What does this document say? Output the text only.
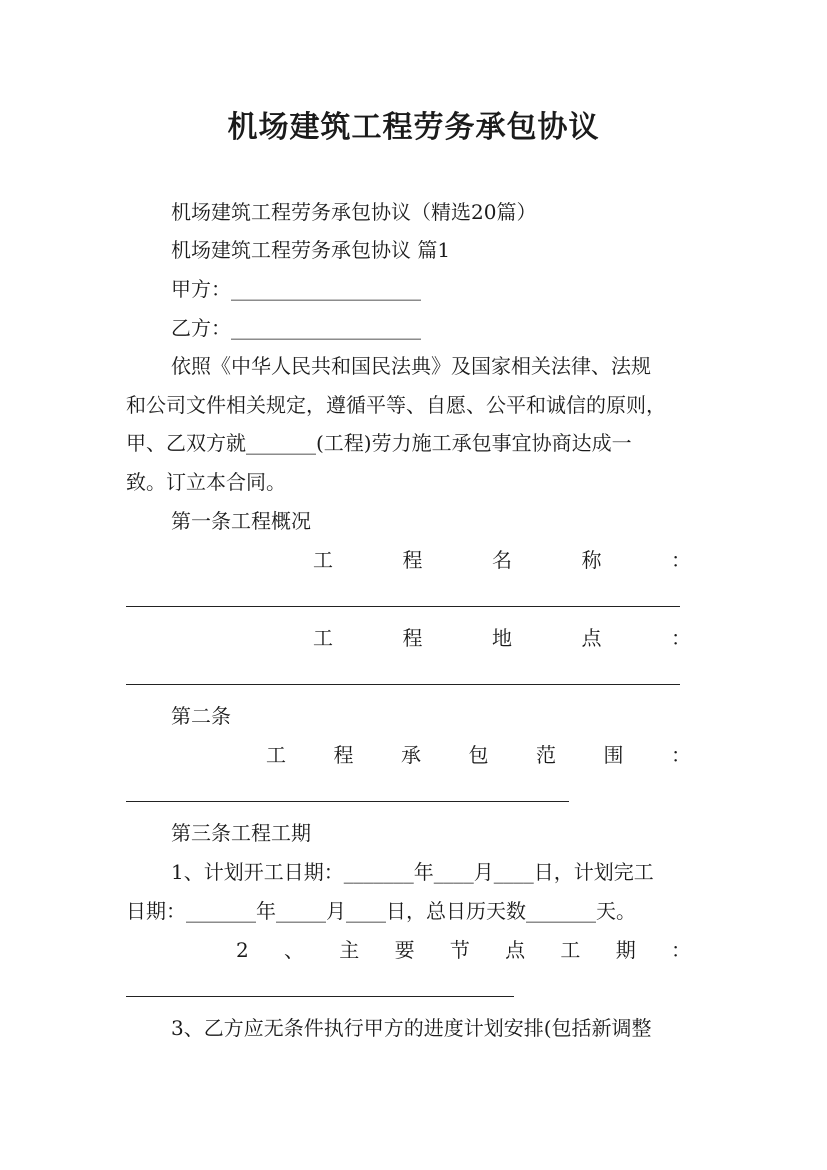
机场建筑工程劳务承包协议
机场建筑工程劳务承包协议（精选20篇）
机场建筑工程劳务承包协议 篇1
甲方：___________________
乙方：___________________
依照《中华人民共和国民法典》及国家相关法律、法规
和公司文件相关规定，遵循平等、自愿、公平和诚信的原则，
甲、乙双方就_______(工程)劳力施工承包事宜协商达成一
致。订立本合同。
第一条工程概况
工	程	名	称	：
工	程	地	点	：
第二条
工 程 承 包 范 围 ：
第三条工程工期
1、计划开工日期：_______年____月____日，计划完工
日期：_______年_____月____日，总日历天数_______天。
2 、 主 要 节 点 工 期 ：
3、乙方应无条件执行甲方的进度计划安排(包括新调整
